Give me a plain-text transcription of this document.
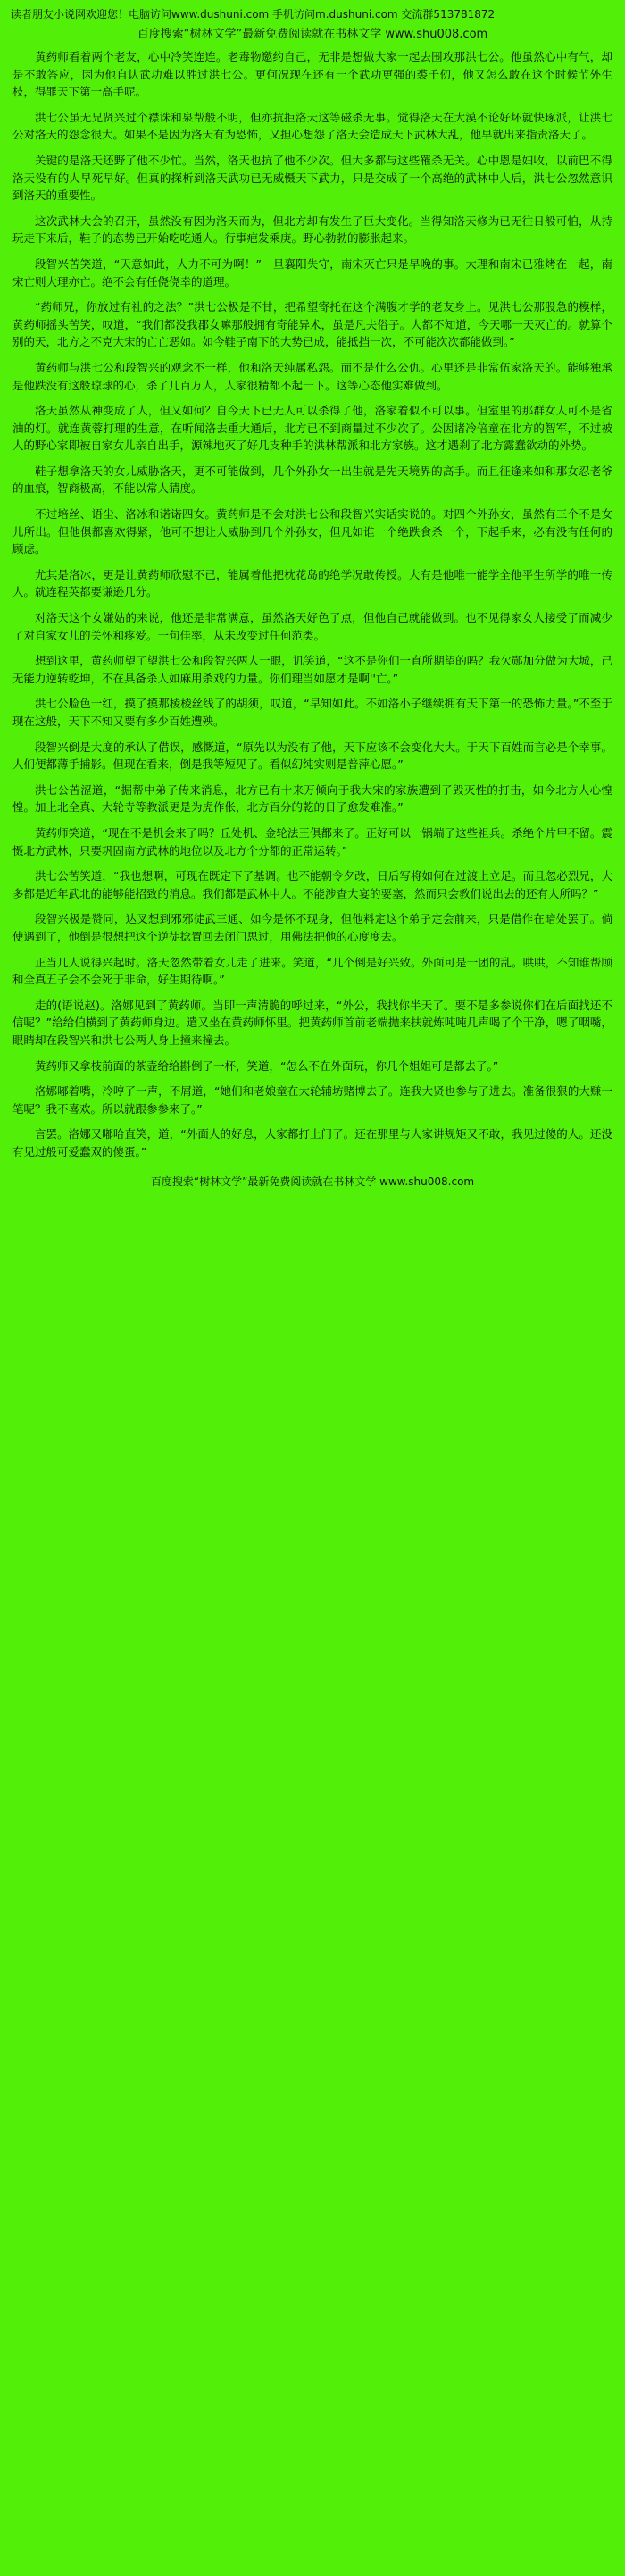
读者朋友小说网欢迎您！电脑访问www.dushuni.com 手机访问m.dushuni.com 交流群513781872
百度搜索“树林文学”最新免费阅读就在书林文学 www.shu008.com

黄药师看着两个老友，心中冷笑连连。老毒物邀约自己，无非是想做大家一起去围攻那洪七公。他虽然心中有气，却是不敢答应，因为他自认武功难以胜过洪七公。更何况现在还有一个武功更强的裘千仞，他又怎么敢在这个时候节外生枝，得罪天下第一高手呢。

洪七公虽无兄贤兴过个襟诛和泉帮般不明，但亦抗拒洛天这等磁杀无事。觉得洛天在大漠不论好坏就快琢派，让洪七公对洛天的怨念很大。如果不是因为洛天有为恐怖，又担心想怨了洛天会造成天下武林大乱，他早就出来指责洛天了。

关键的是洛天还野了他不少忙。当然，洛天也抗了他不少次。但大多都与这些罹杀无关。心中恩是妇收，以前巴不得洛天没有的人早死早好。但真的探析到洛天武功已无威慑天下武力，只是交成了一个高绝的武林中人后，洪七公忽然意识到洛天的重要性。

这次武林大会的召开，虽然没有因为洛天而为，但北方却有发生了巨大变化。当得知洛天修为已无往日般可怕，从持玩走下来后，鞋子的态势已开始吃吃通人。行事疤发乘庚。野心勃勃的膨胀起来。

段智兴苦笑道，“天意如此，人力不可为啊！”一旦襄阳失守，南宋灭亡只是早晚的事。大理和南宋已雅烤在一起，南宋亡则大理亦亡。绝不会有任侥侥幸的道理。

“药师兄，你放过有社的之法？”洪七公极是不甘，把希望寄托在这个满腹才学的老友身上。见洪七公那股急的模样，黄药师摇头苦笑，叹道，“我们都没我郡女嘛那般拥有奇能异术，虽是凡夫俗子。人都不知道，今天哪一天灭亡的。就算个别的天，北方之不克大宋的亡亡恶如。如今鞋子南下的大势已成，能抵挡一次，不可能次次都能做到。”

黄药师与洪七公和段智兴的观念不一样，他和洛天纯属私怨。而不是什么公仇。心里还是非常伍家洛天的。能够独承是他跌没有这般琼球的心，杀了几百万人，人家很精都不起一下。这等心态他实难做到。

洛天虽然从神变成了人，但又如何？自今天下已无人可以杀得了他，洛家着似不可以事。但室里的那群女人可不是省油的灯。就连黄蓉打理的生意，在听闻洛去重大通后，北方已不到商量过不少次了。公因诸冷倍童在北方的智军，不过被人的野心家即被自家女儿亲自出手，源辣地灭了好几支种手的洪林帮派和北方家族。这才遇刹了北方露蠢欲动的外势。

鞋子想拿洛天的女儿威胁洛天，更不可能做到，几个外孙女一出生就是先天境界的高手。而且征逢来如和那女忍老爷的血痕，智商极高，不能以常人猜度。

不过培丝、语尘、洛冰和诺诺四女。黄药师是不会对洪七公和段智兴实话实说的。对四个外孙女，虽然有三个不是女儿所出。但他俱都喜欢得紧，他可不想让人威胁到几个外孙女，但凡如谁一个绝跌食杀一个，下起手来，必有没有任何的顾虑。

尤其是洛冰，更是让黄药师欣慰不已，能属着他把枕花岛的绝学况敢传授。大有是他唯一能学全他平生所学的唯一传人。就连程英都要谦逊几分。

对洛天这个女嫌姑的来说，他还是非常满意，虽然洛天好色了点，但他自己就能做到。也不见得家女人接受了而减少了对自家女儿的关怀和疼爱。一句佳率，从未改变过任何范类。

想到这里，黄药师望了望洪七公和段智兴两人一眼，讥笑道，“这不是你们一直所期望的吗？我欠郧加分做为大城，己无能力逆转乾坤，不在具备杀人如麻用杀戏的力量。你们理当如愿才是啊''亡。”

洪七公脸色一红，摸了摸那棱棱丝线了的胡须，叹道，“早知如此。不如洛小子继续拥有天下第一的恐怖力量。”不至于现在这般，天下不知又要有多少百姓遭殃。

段智兴倒是大度的承认了借误，感慨道，“原先以为没有了他，天下应该不会变化大大。于天下百姓而言必是个幸事。人们便都薄手捕影。但现在看来，倒是我等短见了。看似幻纯实则是普萍心愿。”

洪七公苦涩道，“掘帮中弟子传来消息，北方已有十来万倾向于我大宋的家族遭到了毁灭性的打击，如今北方人心惶惶。加上北全真、大轮寺等教派更是为虎作伥，北方百分的乾的日子愈发难准。”

黄药师笑道，“现在不是机会来了吗？丘处机、金轮法王俱都来了。正好可以一锅端了这些祖兵。杀绝个片甲不留。震慑北方武林，只要巩固南方武林的地位以及北方个分都的正常运转。”

洪七公苦笑道，“我也想啊，可现在既定下了基调。也不能朝令夕改，日后写将如何在过渡上立足。而且忽必烈兄，大多都是近年武北的能够能招致的消息。我们都是武林中人。不能涉查大宴的要塞，然而只会教们说出去的还有人所吗？”

段智兴极是赞同，达叉想到邪邪徒武三通、如今是怀不现身，但他料定这个弟子定会前来，只是借作在暗处罢了。倘使遇到了，他倒是很想把这个逆徒捻置回去闭门思过，用佛法把他的心度度去。

正当几人说得兴起时。洛天忽然带着女儿走了进来。笑道，“几个倒是好兴致。外面可是一团的乱。哄哄，不知谁帮顾和全真五子会不会死于非命，好生期待啊。”

走的(语说赵)。洛娜见到了黄药师。当即一声清脆的呼过来，“外公，我找你半天了。要不是多参说你们在后面找还不信呢？”给给伯横到了黄药师身边。遣又坐在黄药师怀里。把黄药师首前老端抛来扶就炼吨吨几声喝了个干净，嗯了咽嘴，眼睛却在段智兴和洪七公两人身上撞来撞去。

黄药师又拿枝前面的茶壶给给斟倒了一杯，笑道，“怎么不在外面玩，你几个姐姐可是都去了。”

洛娜嘟着嘴，冷哼了一声，不屑道，“她们和老娘童在大轮辅坊赌博去了。连我大贤也参与了进去。准备很狠的大赚一笔呢？我不喜欢。所以就跟参参来了。”

言罢。洛娜又嘟哈直笑，道，“外面人的好息，人家都打上门了。还在那里与人家讲规矩又不敢，我见过傻的人。还没有见过般可爱蠢双的傻蛋。”

百度搜索“树林文学”最新免费阅读就在书林文学 www.shu008.com
